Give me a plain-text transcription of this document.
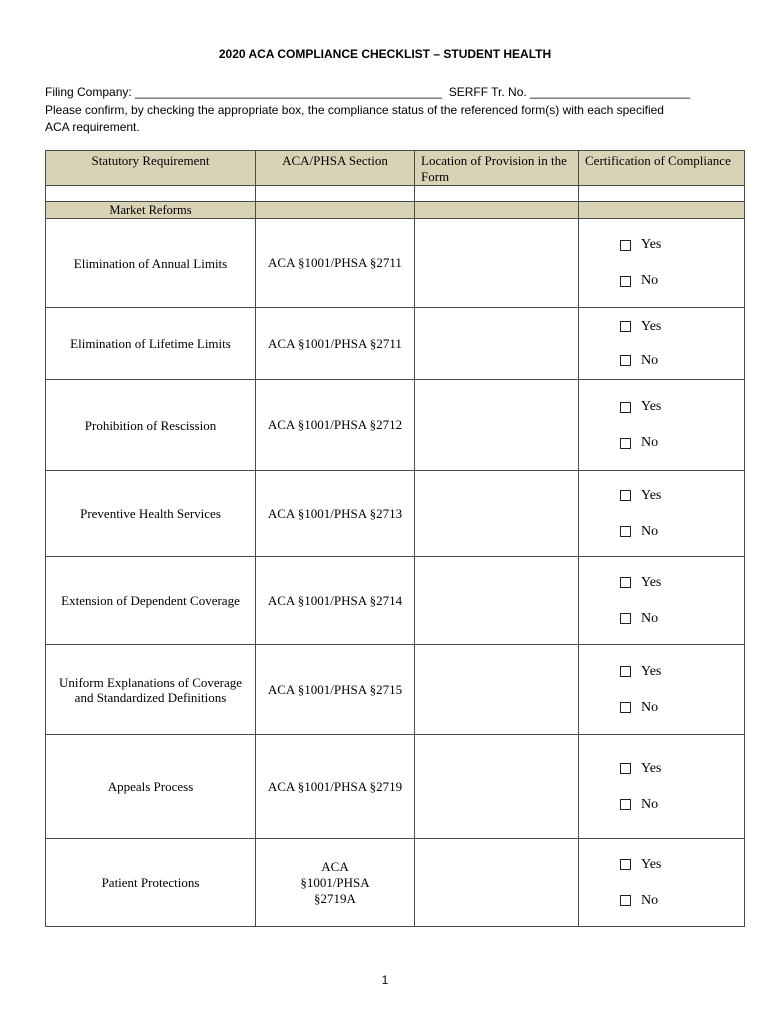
2020 ACA COMPLIANCE CHECKLIST – STUDENT HEALTH
Filing Company: ______________________________________________  SERFF Tr. No. ________________________
Please confirm, by checking the appropriate box, the compliance status of the referenced form(s) with each specified
ACA requirement.
Statutory Requirement	ACA/PHSA Section	Location of Provision in the Form	Certification of Compliance

Market Reforms			
Elimination of Annual Limits	ACA §1001/PHSA §2711		Yes
No

Elimination of Lifetime Limits	ACA §1001/PHSA §2711		Yes
No

Prohibition of Rescission	ACA §1001/PHSA §2712		Yes
No

Preventive Health Services	ACA §1001/PHSA §2713		Yes
No

Extension of Dependent Coverage	ACA §1001/PHSA §2714		Yes
No

Uniform Explanations of Coverage and Standardized Definitions	ACA §1001/PHSA §2715		Yes
No

Appeals Process	ACA §1001/PHSA §2719		Yes
No

Patient Protections	ACA §1001/PHSA §2719A		Yes
No
1
